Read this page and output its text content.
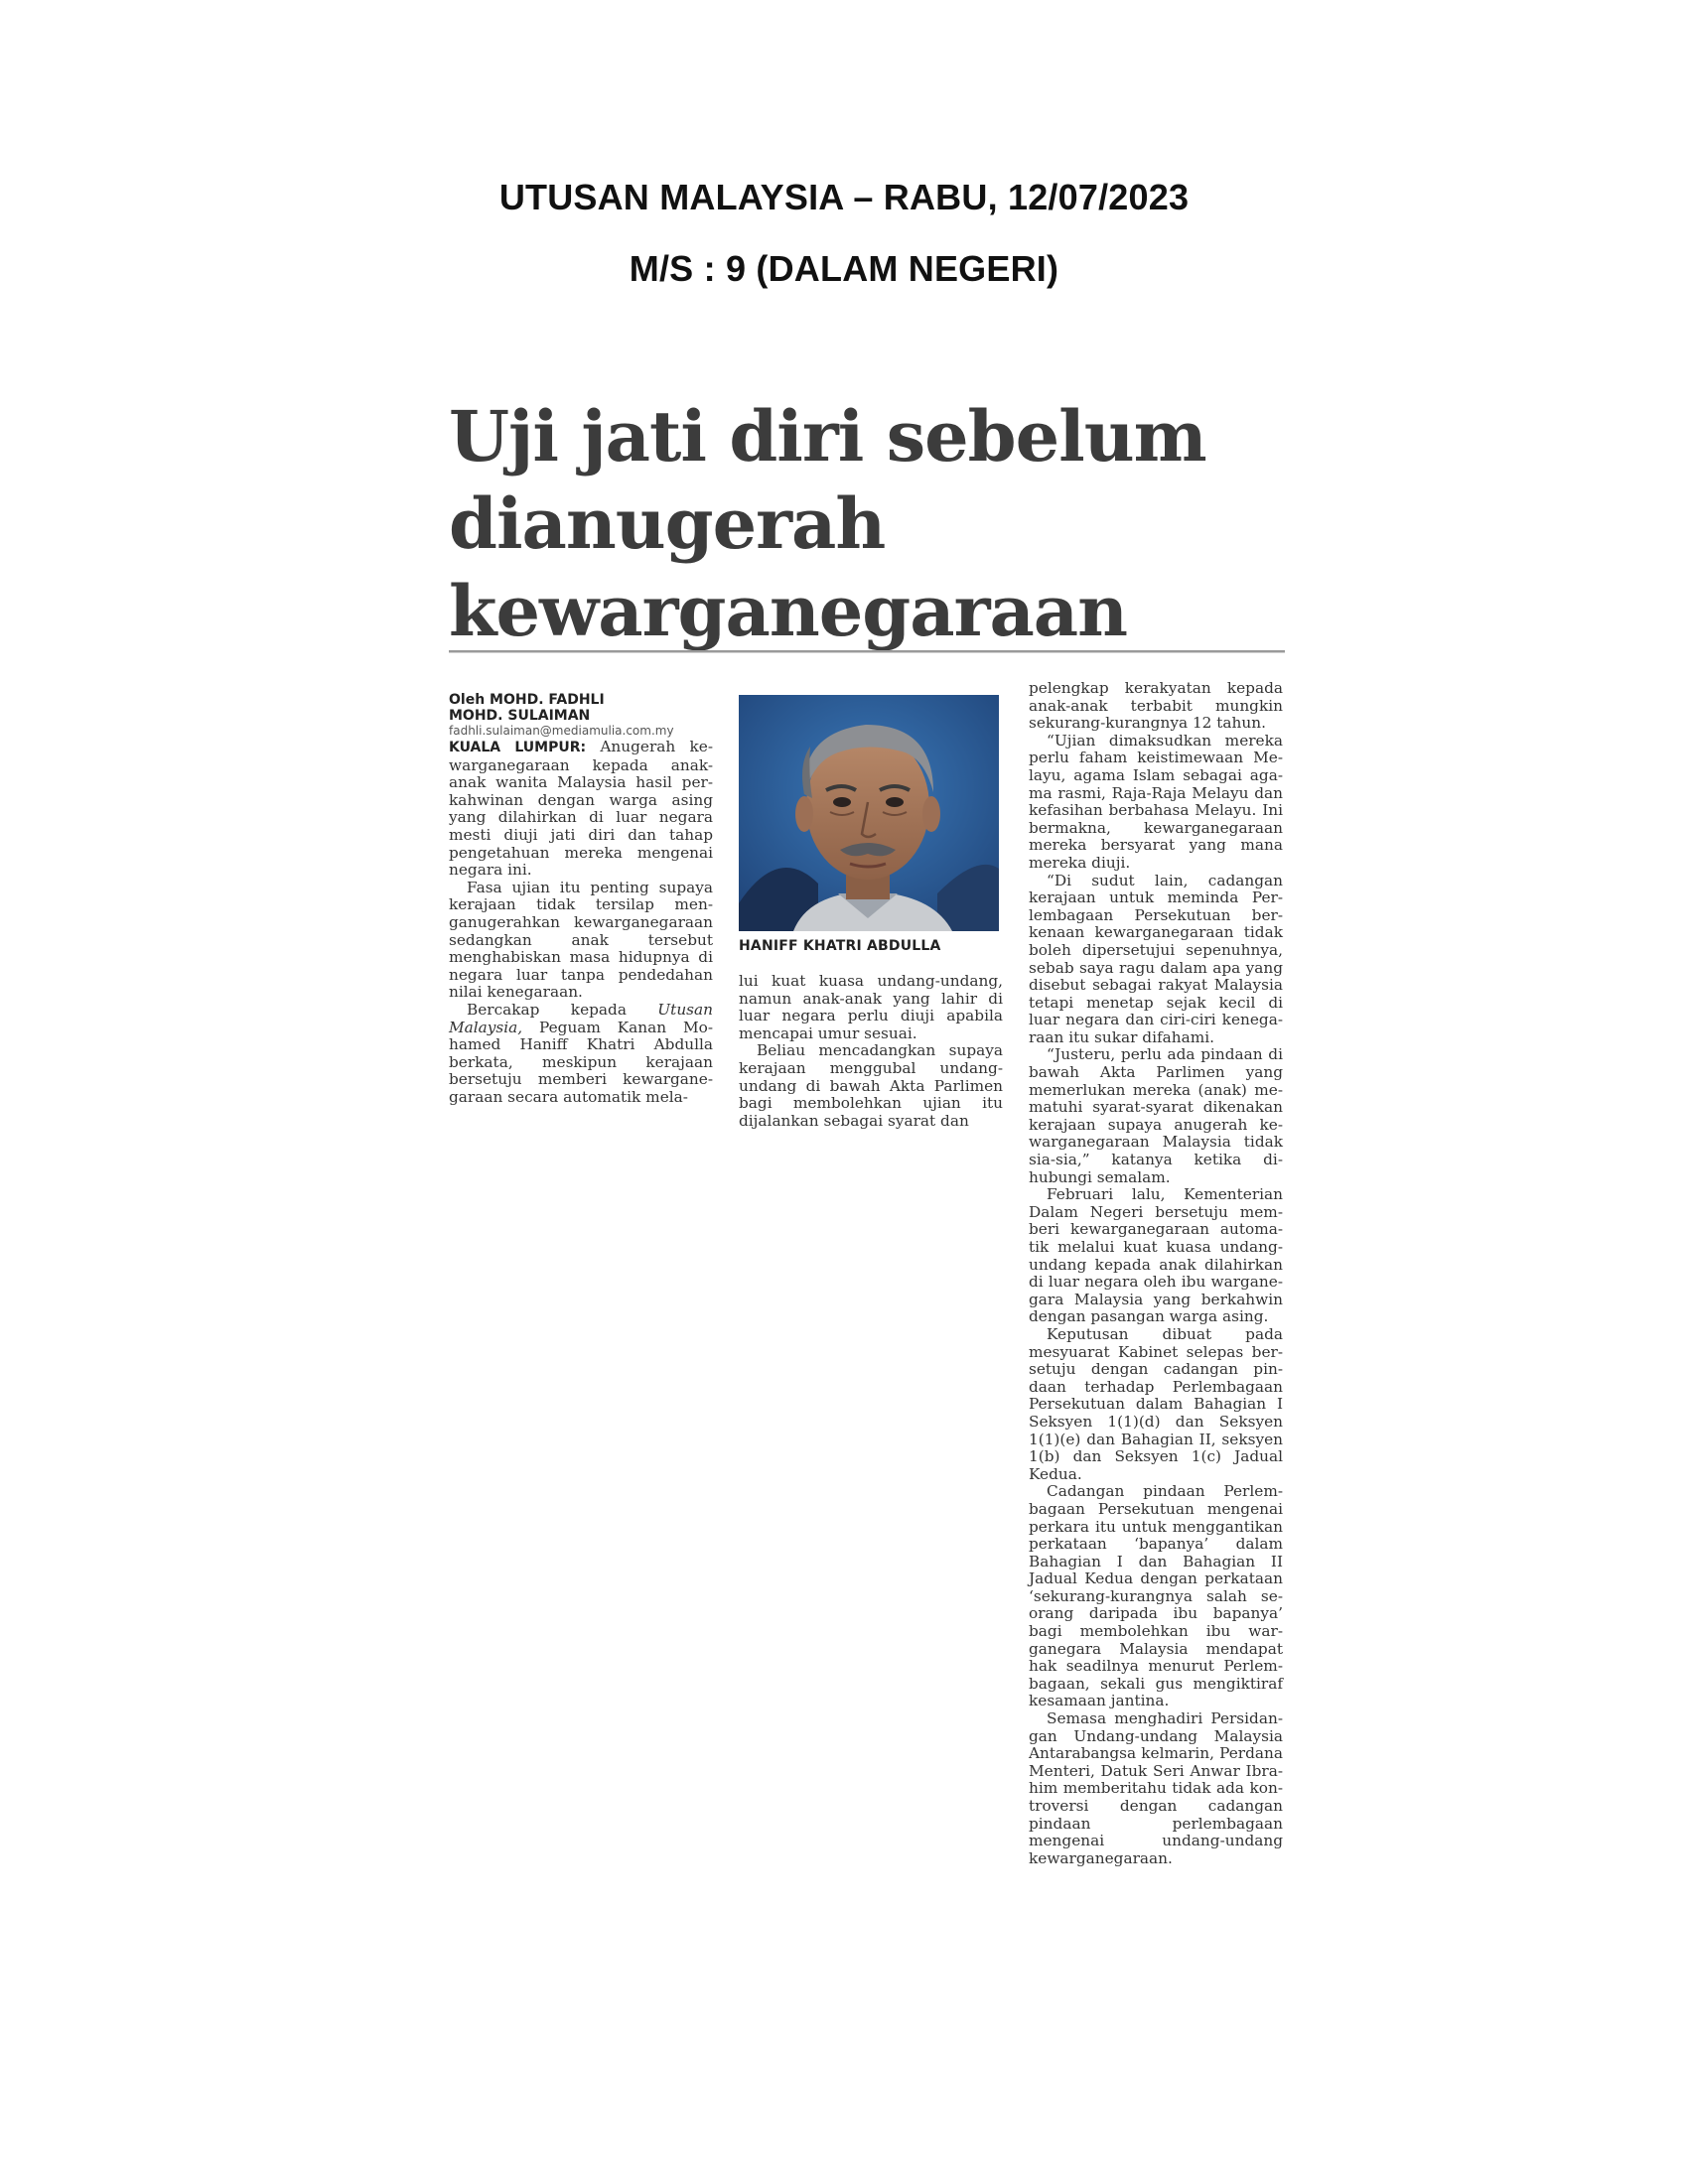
UTUSAN MALAYSIA – RABU, 12/07/2023
M/S : 9 (DALAM NEGERI)
Uji jati diri sebelum dianugerah kewarganegaraan

Oleh MOHD. FADHLI

MOHD. SULAIMAN

fadhli.sulaiman@mediamulia.com.my

KUALA LUMPUR: Anugerah kewarganegaraan kepada anak-anak wanita Malaysia hasil perkahwinan dengan warga asing yang dilahirkan di luar negara mesti diuji jati diri dan tahap pengetahuan mereka mengenai negara ini.

Fasa ujian itu penting supaya kerajaan tidak tersilap menganugerahkan kewarganegaraan sedangkan anak tersebut menghabiskan masa hidupnya di negara luar tanpa pendedahan nilai kenegaraan.

Bercakap kepada Utusan Malaysia, Peguam Kanan Mohamed Haniff Khatri Abdulla berkata, meskipun kerajaan bersetuju memberi kewarganegaraan secara automatik mela-

HANIFF KHATRI ABDULLA

lui kuat kuasa undang-undang, namun anak-anak yang lahir di luar negara perlu diuji apabila mencapai umur sesuai.

Beliau mencadangkan supaya kerajaan menggubal undang-undang di bawah Akta Parlimen bagi membolehkan ujian itu dijalankan sebagai syarat dan

pelengkap kerakyatan kepada anak-anak terbabit mungkin sekurang-kurangnya 12 tahun.

“Ujian dimaksudkan mereka perlu faham keistimewaan Melayu, agama Islam sebagai agama rasmi, Raja-Raja Melayu dan kefasihan berbahasa Melayu. Ini bermakna, kewarganegaraan mereka bersyarat yang mana mereka diuji.

“Di sudut lain, cadangan kerajaan untuk meminda Perlembagaan Persekutuan berkenaan kewarganegaraan tidak boleh dipersetujui sepenuhnya, sebab saya ragu dalam apa yang disebut sebagai rakyat Malaysia tetapi menetap sejak kecil di luar negara dan ciri-ciri kenegaraan itu sukar difahami.

“Justeru, perlu ada pindaan di bawah Akta Parlimen yang memerlukan mereka (anak) mematuhi syarat-syarat dikenakan kerajaan supaya anugerah kewarganegaraan Malaysia tidak sia-sia,” katanya ketika dihubungi semalam.

Februari lalu, Kementerian Dalam Negeri bersetuju memberi kewarganegaraan automatik melalui kuat kuasa undang-undang kepada anak dilahirkan di luar negara oleh ibu warganegara Malaysia yang berkahwin dengan pasangan warga asing.

Keputusan dibuat pada mesyuarat Kabinet selepas bersetuju dengan cadangan pindaan terhadap Perlembagaan Persekutuan dalam Bahagian I Seksyen 1(1)(d) dan Seksyen 1(1)(e) dan Bahagian II, seksyen 1(b) dan Seksyen 1(c) Jadual Kedua.

Cadangan pindaan Perlembagaan Persekutuan mengenai perkara itu untuk menggantikan perkataan ‘bapanya’ dalam Bahagian I dan Bahagian II Jadual Kedua dengan perkataan ‘sekurang-kurangnya salah seorang daripada ibu bapanya’ bagi membolehkan ibu warganegara Malaysia mendapat hak seadilnya menurut Perlembagaan, sekali gus mengiktiraf kesamaan jantina.

Semasa menghadiri Persidangan Undang-undang Malaysia Antarabangsa kelmarin, Perdana Menteri, Datuk Seri Anwar Ibrahim memberitahu tidak ada kontroversi dengan cadangan pindaan perlembagaan mengenai undang-undang kewarganegaraan.
